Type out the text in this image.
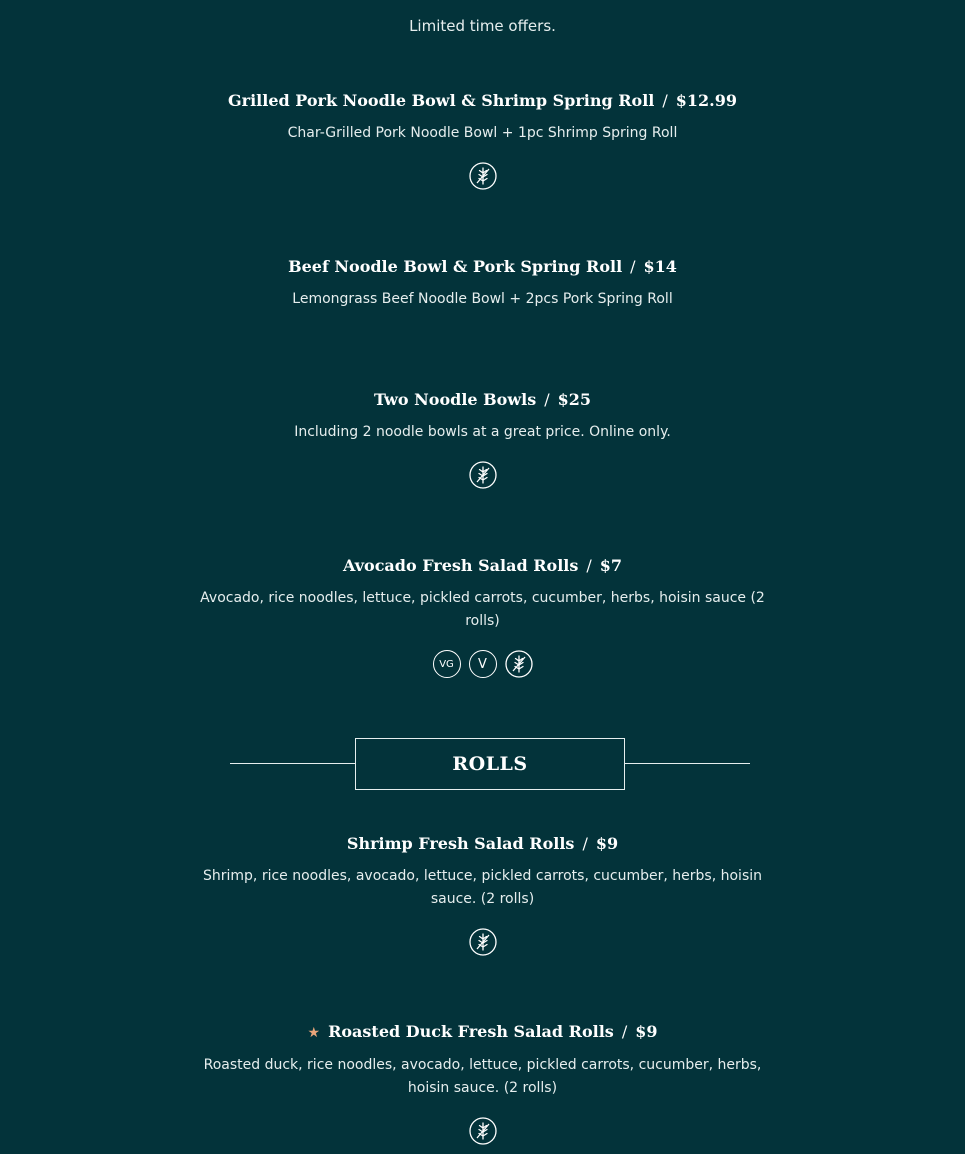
Limited time offers.
Grilled Pork Noodle Bowl & Shrimp Spring Roll / $12.99
Char-Grilled Pork Noodle Bowl + 1pc Shrimp Spring Roll
Beef Noodle Bowl & Pork Spring Roll / $14
Lemongrass Beef Noodle Bowl + 2pcs Pork Spring Roll
Two Noodle Bowls / $25
Including 2 noodle bowls at a great price. Online only.
Avocado Fresh Salad Rolls / $7
Avocado, rice noodles, lettuce, pickled carrots, cucumber, herbs, hoisin sauce (2 rolls)
VG	V
ROLLS
Shrimp Fresh Salad Rolls / $9
Shrimp, rice noodles, avocado, lettuce, pickled carrots, cucumber, herbs, hoisin sauce. (2 rolls)
★ Roasted Duck Fresh Salad Rolls / $9
Roasted duck, rice noodles, avocado, lettuce, pickled carrots, cucumber, herbs, hoisin sauce. (2 rolls)
